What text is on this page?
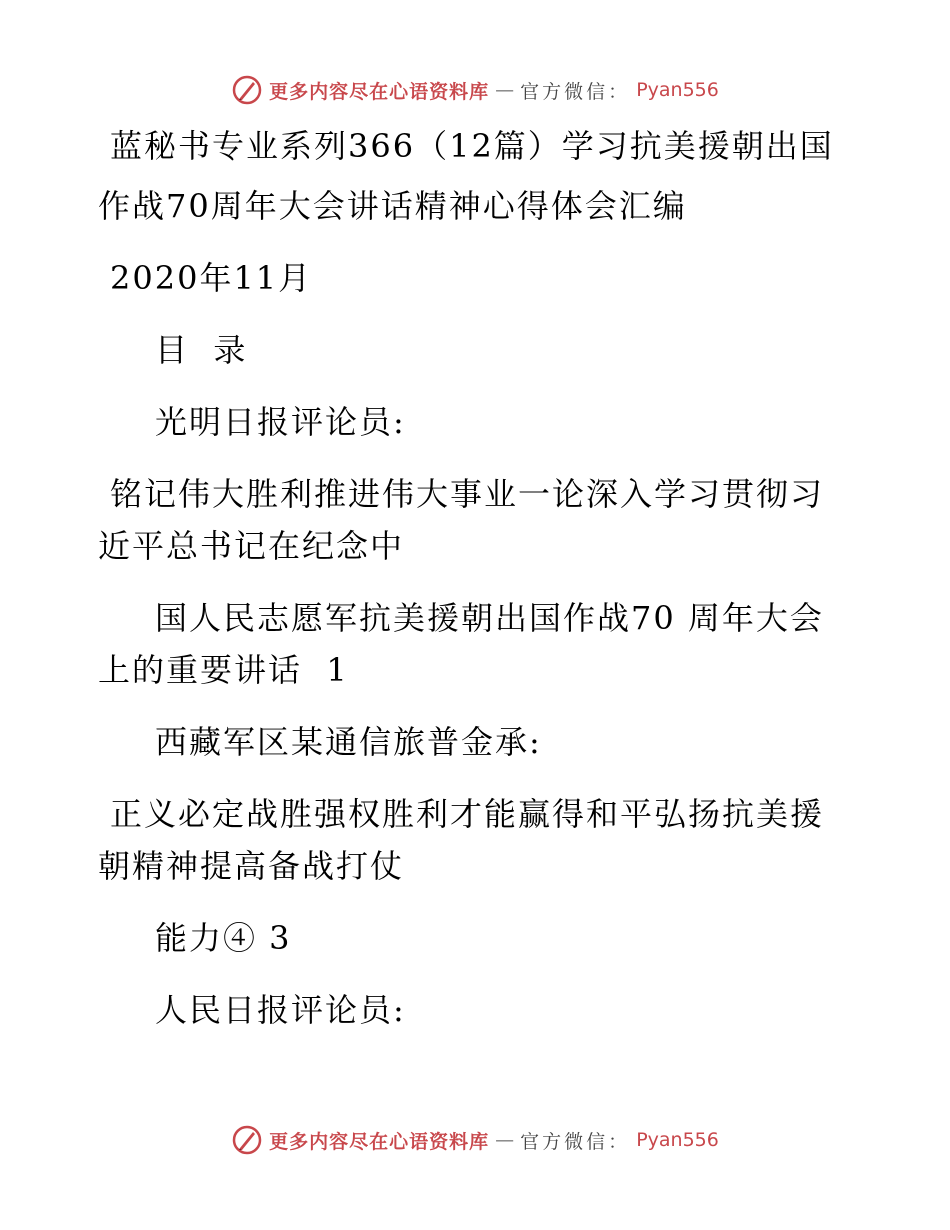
更多内容尽在心语资料库 — 官方微信： Pyan556
蓝秘书专业系列366（12篇）学习抗美援朝出国
作战70周年大会讲话精神心得体会汇编
2020年11月
目  录
光明日报评论员:
铭记伟大胜利推进伟大事业一论深入学习贯彻习
近平总书记在纪念中
国人民志愿军抗美援朝出国作战70 周年大会
上的重要讲话  1
西藏军区某通信旅普金承:
正义必定战胜强权胜利才能赢得和平弘扬抗美援
朝精神提高备战打仗
能力④ 3
人民日报评论员:
更多内容尽在心语资料库 — 官方微信： Pyan556
